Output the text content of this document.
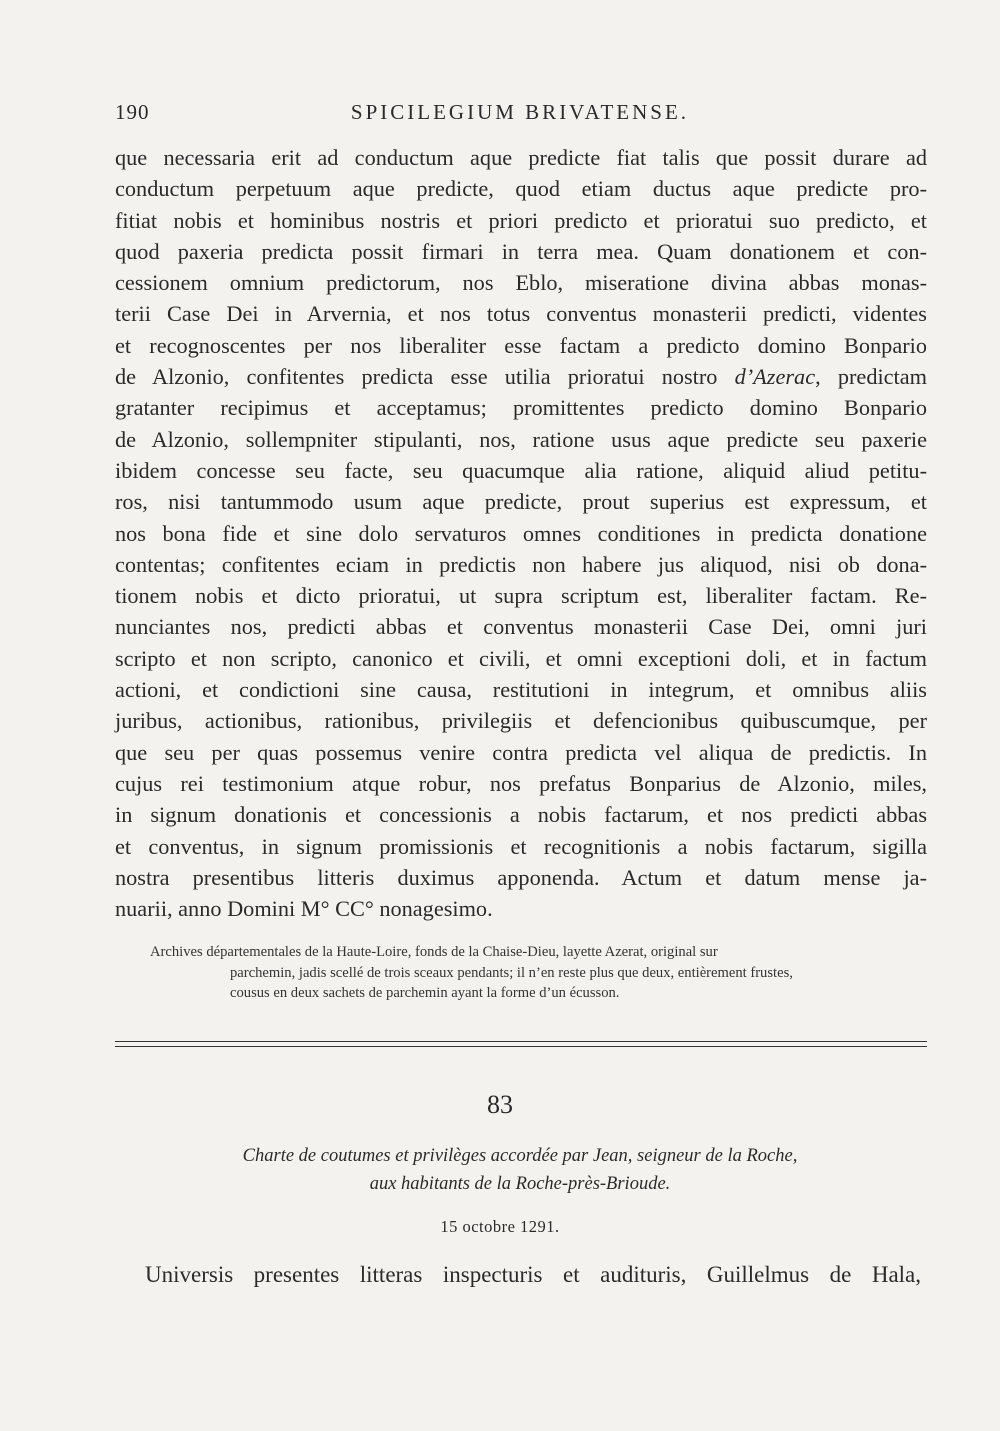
190	SPICILEGIUM BRIVATENSE.
que necessaria erit ad conductum aque predicte fiat talis que possit durare ad
conductum perpetuum aque predicte, quod etiam ductus aque predicte pro-
fitiat nobis et hominibus nostris et priori predicto et prioratui suo predicto, et
quod paxeria predicta possit firmari in terra mea. Quam donationem et con-
cessionem omnium predictorum, nos Eblo, miseratione divina abbas monas-
terii Case Dei in Arvernia, et nos totus conventus monasterii predicti, videntes
et recognoscentes per nos liberaliter esse factam a predicto domino Bonpario
de Alzonio, confitentes predicta esse utilia prioratui nostro d’Azerac, predictam
gratanter recipimus et acceptamus; promittentes predicto domino Bonpario
de Alzonio, sollempniter stipulanti, nos, ratione usus aque predicte seu paxerie
ibidem concesse seu facte, seu quacumque alia ratione, aliquid aliud petitu-
ros, nisi tantummodo usum aque predicte, prout superius est expressum, et
nos bona fide et sine dolo servaturos omnes conditiones in predicta donatione
contentas; confitentes eciam in predictis non habere jus aliquod, nisi ob dona-
tionem nobis et dicto prioratui, ut supra scriptum est, liberaliter factam. Re-
nunciantes nos, predicti abbas et conventus monasterii Case Dei, omni juri
scripto et non scripto, canonico et civili, et omni exceptioni doli, et in factum
actioni, et condictioni sine causa, restitutioni in integrum, et omnibus aliis
juribus, actionibus, rationibus, privilegiis et defencionibus quibuscumque, per
que seu per quas possemus venire contra predicta vel aliqua de predictis. In
cujus rei testimonium atque robur, nos prefatus Bonparius de Alzonio, miles,
in signum donationis et concessionis a nobis factarum, et nos predicti abbas
et conventus, in signum promissionis et recognitionis a nobis factarum, sigilla
nostra presentibus litteris duximus apponenda. Actum et datum mense ja-
nuarii, anno Domini M° CC° nonagesimo.
Archives départementales de la Haute-Loire, fonds de la Chaise-Dieu, layette Azerat, original sur
parchemin, jadis scellé de trois sceaux pendants; il n’en reste plus que deux, entièrement frustes,
cousus en deux sachets de parchemin ayant la forme d’un écusson.
83
Charte de coutumes et privilèges accordée par Jean, seigneur de la Roche,
aux habitants de la Roche-près-Brioude.
15 octobre 1291.
Universis presentes litteras inspecturis et audituris, Guillelmus de Hala,
